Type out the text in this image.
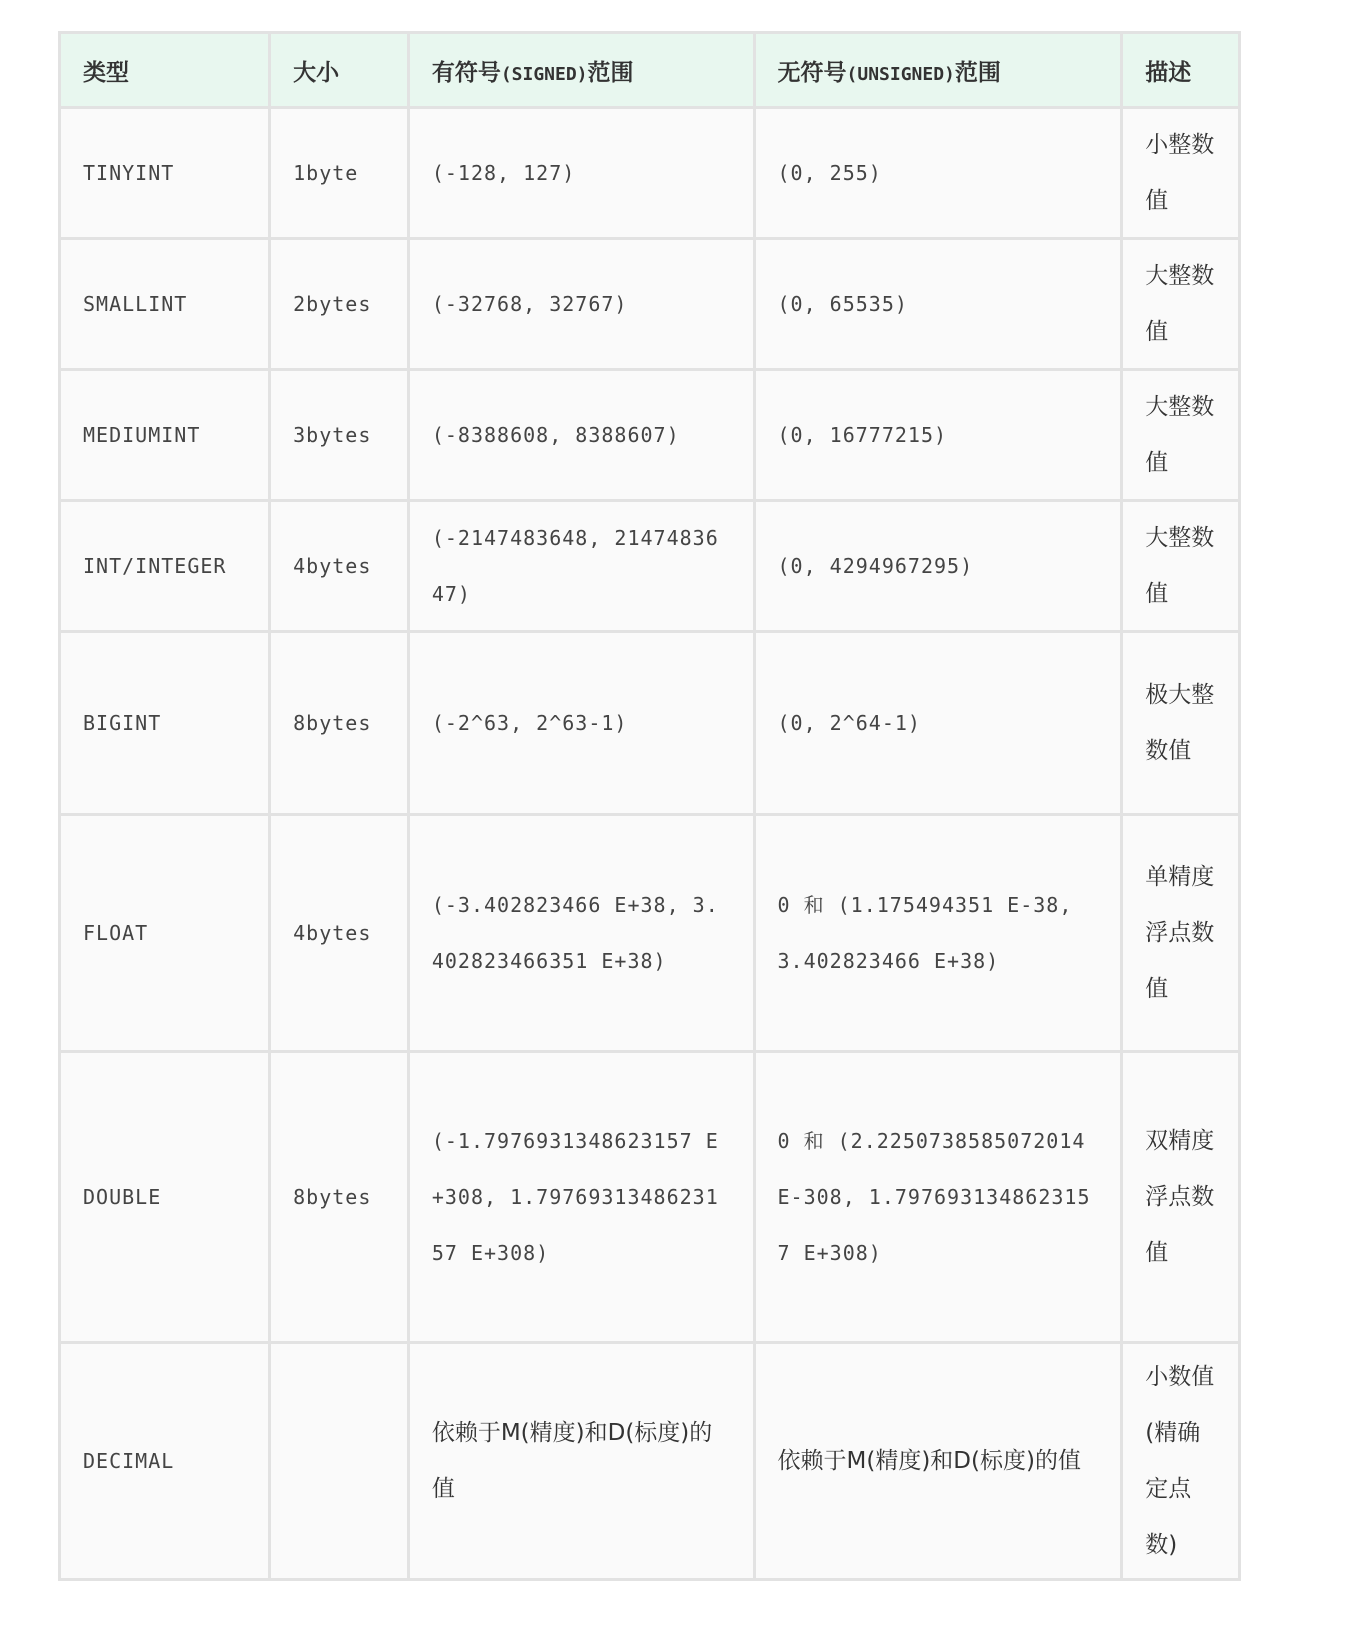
类型	大小	有符号(SIGNED)范围	无符号(UNSIGNED)范围	描述
TINYINT	1byte	(-128, 127)	(0, 255)	小整数值
SMALLINT	2bytes	(-32768, 32767)	(0, 65535)	大整数值
MEDIUMINT	3bytes	(-8388608, 8388607)	(0, 16777215)	大整数值
INT/INTEGER	4bytes	(-2147483648, 2147483647)	(0, 4294967295)	大整数值
BIGINT	8bytes	(-2^63, 2^63-1)	(0, 2^64-1)	极大整数值
FLOAT	4bytes	(-3.402823466 E+38, 3.402823466351 E+38)	0 和 (1.175494351 E-38, 3.402823466 E+38)	单精度浮点数值
DOUBLE	8bytes	(-1.7976931348623157 E+308, 1.7976931348623157 E+308)	0 和 (2.2250738585072014 E-308, 1.7976931348623157 E+308)	双精度浮点数值
DECIMAL		依赖于M(精度)和D(标度)的值	依赖于M(精度)和D(标度)的值	小数值(精确定点数)
